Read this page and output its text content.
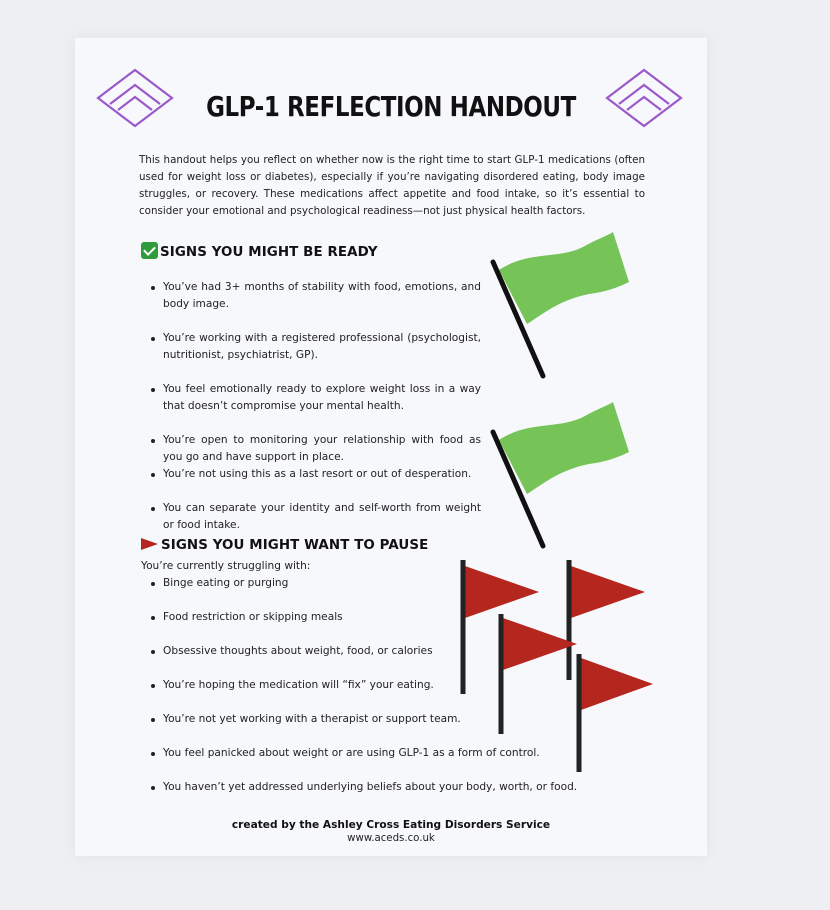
GLP-1 REFLECTION HANDOUT

This handout helps you reflect on whether now is the right time to start GLP-1 medications (often used for weight loss or diabetes), especially if you’re navigating disordered eating, body image struggles, or recovery. These medications affect appetite and food intake, so it’s essential to consider your emotional and psychological readiness—not just physical health factors.

SIGNS YOU MIGHT BE READY
You’ve had 3+ months of stability with food, emotions, and body image.
You’re working with a registered professional (psychologist, nutritionist, psychiatrist, GP).
You feel emotionally ready to explore weight loss in a way that doesn’t compromise your mental health.
You’re open to monitoring your relationship with food as you go and have support in place.
You’re not using this as a last resort or out of desperation.
You can separate your identity and self-worth from weight or food intake.
SIGNS YOU MIGHT WANT TO PAUSE

You’re currently struggling with:

Binge eating or purging
Food restriction or skipping meals
Obsessive thoughts about weight, food, or calories
You’re hoping the medication will “fix” your eating.
You’re not yet working with a therapist or support team.
You feel panicked about weight or are using GLP-1 as a form of control.
You haven’t yet addressed underlying beliefs about your body, worth, or food.

created by the Ashley Cross Eating Disorders Service

www.aceds.co.uk
